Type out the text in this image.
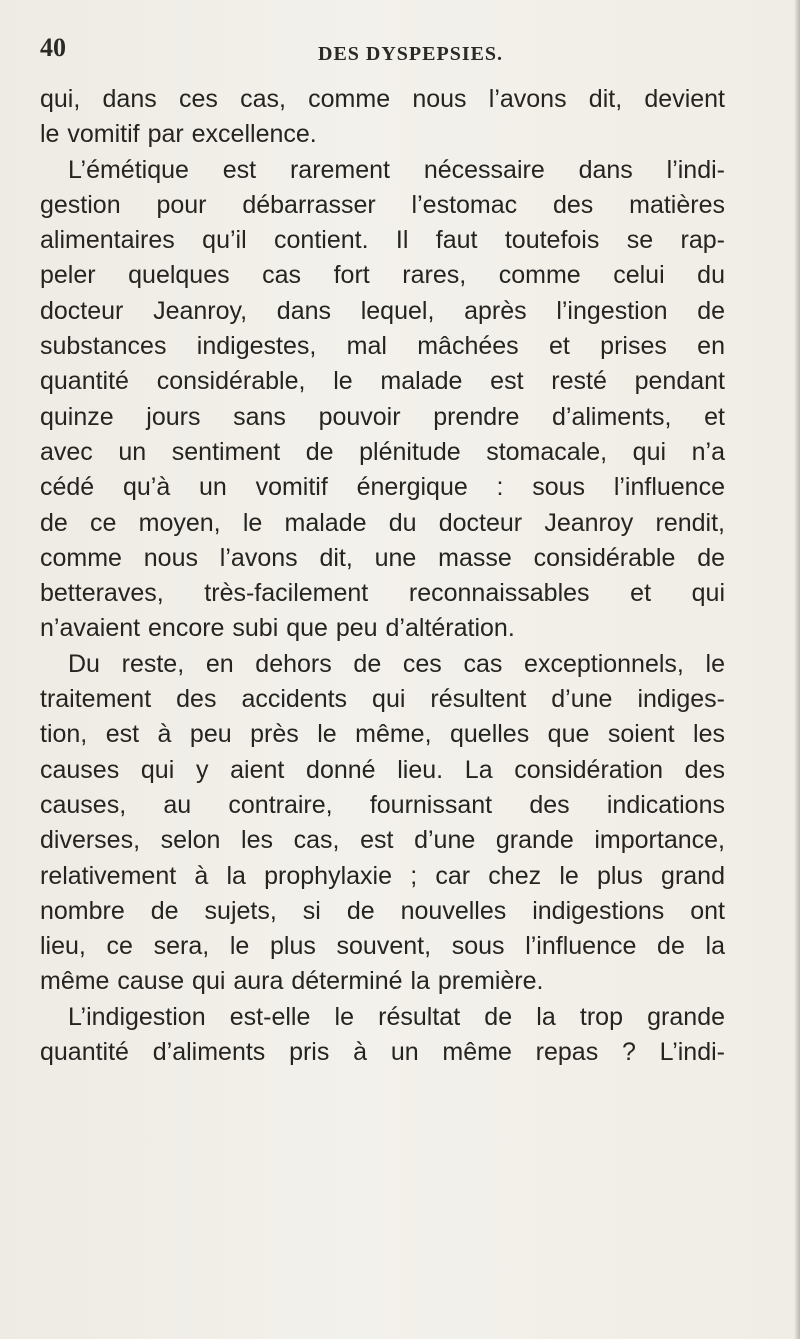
40	DES DYSPEPSIES.
qui, dans ces cas, comme nous l’avons dit, devient
le vomitif par excellence.
L’émétique est rarement nécessaire dans l’indi-
gestion pour débarrasser l’estomac des matières
alimentaires qu’il contient. Il faut toutefois se rap-
peler quelques cas fort rares, comme celui du
docteur Jeanroy, dans lequel, après l’ingestion de
substances indigestes, mal mâchées et prises en
quantité considérable, le malade est resté pendant
quinze jours sans pouvoir prendre d’aliments, et
avec un sentiment de plénitude stomacale, qui n’a
cédé qu’à un vomitif énergique : sous l’influence
de ce moyen, le malade du docteur Jeanroy rendit,
comme nous l’avons dit, une masse considérable de
betteraves, très-facilement reconnaissables et qui
n’avaient encore subi que peu d’altération.
Du reste, en dehors de ces cas exceptionnels, le
traitement des accidents qui résultent d’une indiges-
tion, est à peu près le même, quelles que soient les
causes qui y aient donné lieu. La considération des
causes, au contraire, fournissant des indications
diverses, selon les cas, est d’une grande importance,
relativement à la prophylaxie ; car chez le plus grand
nombre de sujets, si de nouvelles indigestions ont
lieu, ce sera, le plus souvent, sous l’influence de la
même cause qui aura déterminé la première.
L’indigestion est-elle le résultat de la trop grande
quantité d’aliments pris à un même repas ? L’indi-
